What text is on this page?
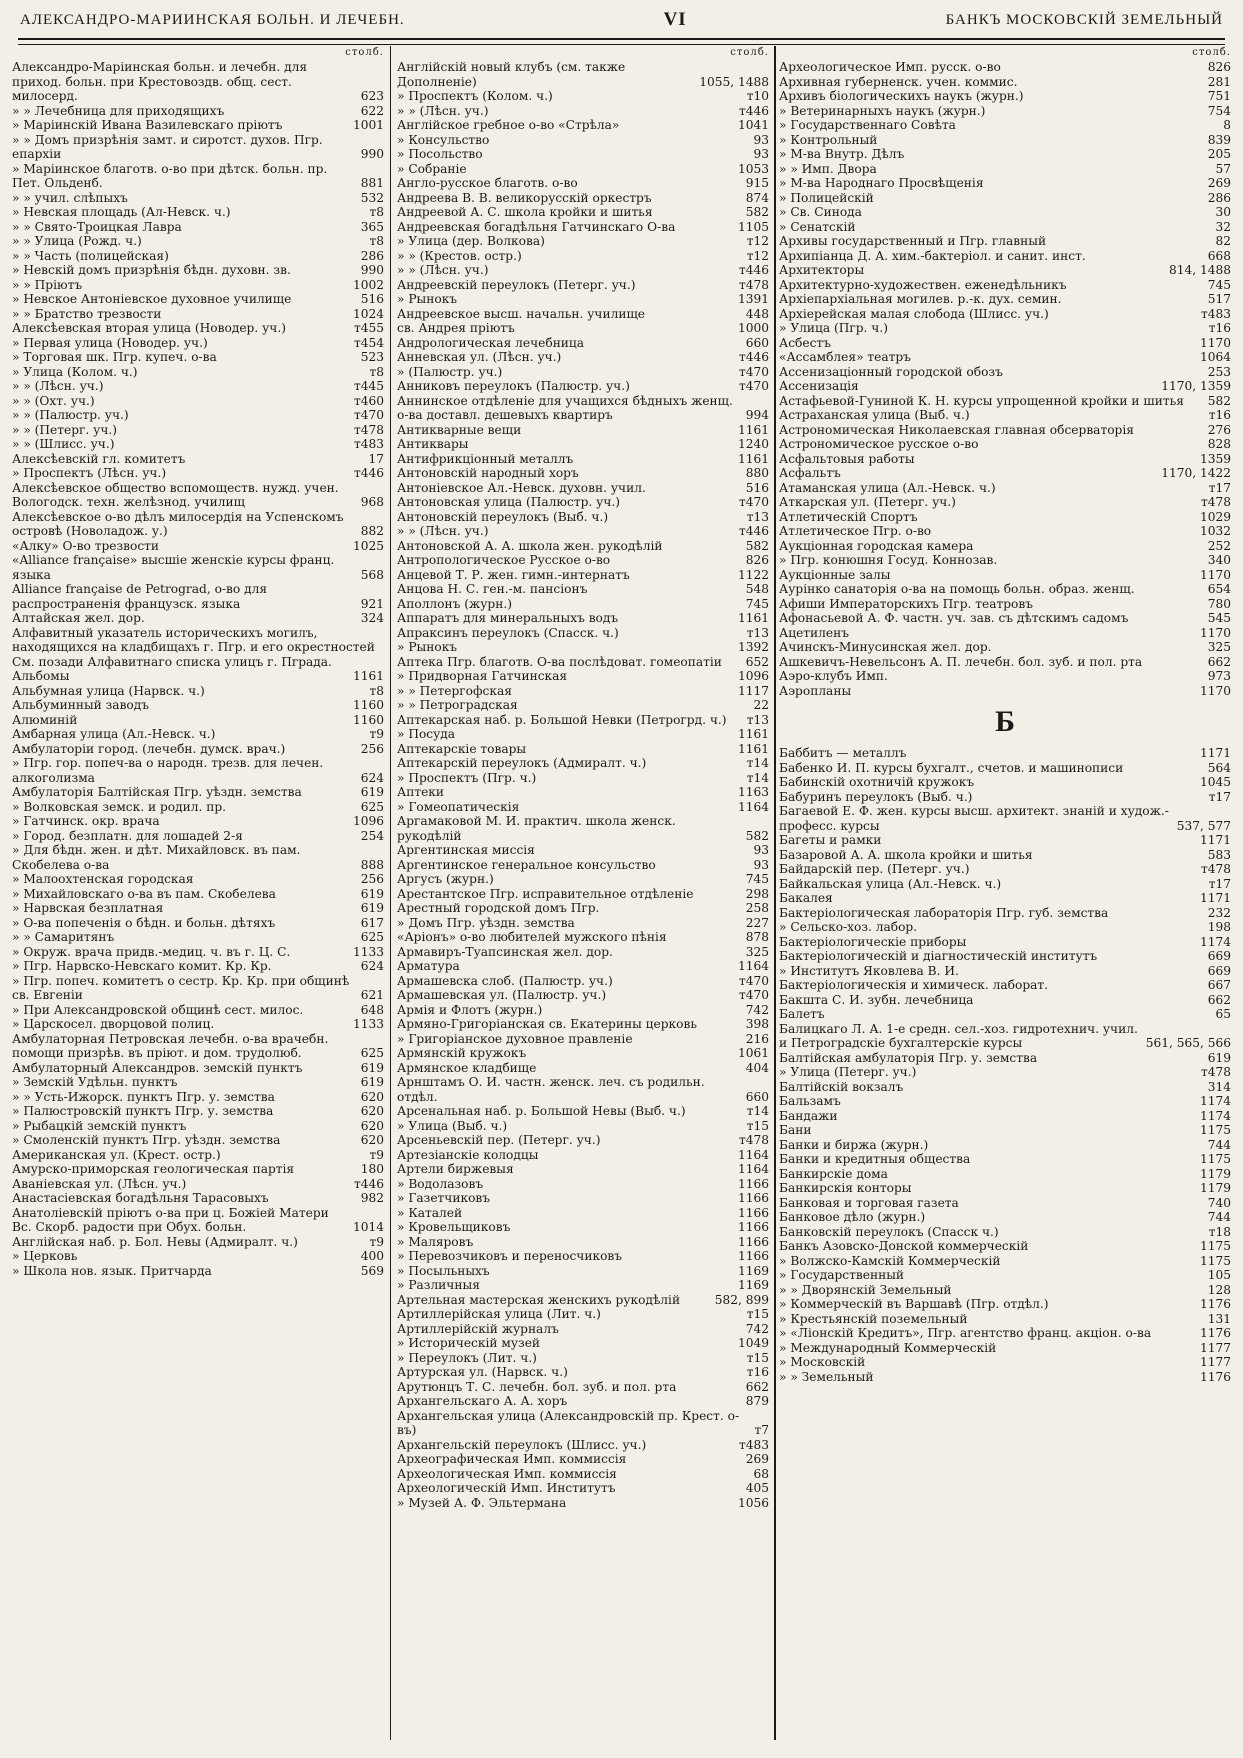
АЛЕКСАНДРО-МАРИИНСКАЯ БОЛЬН. И ЛЕЧЕБН.	VI	БАНКЪ МОСКОВСКІЙ ЗЕМЕЛЬНЫЙ
столб.
Александро-Маріинская больн. и лечебн. для приход. больн. при Крестовоздв. общ. сест. милосерд.	623
» » Лечебница для приходящихъ	622
» Маріинскій Ивана Вазилевскаго пріютъ	1001
» » Домъ призрѣнія замт. и сиротст. духов. Пгр. епархіи	990
» Маріинское благотв. о-во при дѣтск. больн. пр. Пет. Ольденб.	881
» » учил. слѣпыхъ	532
» Невская площадь (Ал-Невск. ч.)	т8
» » Свято-Троицкая Лавра	365
» » Улица (Рожд. ч.)	т8
» » Часть (полицейская)	286
» Невскій домъ призрѣнія бѣдн. духовн. зв.	990
» » Пріютъ	1002
» Невское Антоніевское духовное училище	516
» » Братство трезвости	1024
Алексѣевская вторая улица (Новодер. уч.)	т455
» Первая улица (Новодер. уч.)	т454
» Торговая шк. Пгр. купеч. о-ва	523
» Улица (Колом. ч.)	т8
» » (Лѣсн. уч.)	т445
» » (Охт. уч.)	т460
» » (Палюстр. уч.)	т470
» » (Петерг. уч.)	т478
» » (Шлисс. уч.)	т483
Алексѣевскій гл. комитетъ	17
» Проспектъ (Лѣсн. уч.)	т446
Алексѣевское общество вспомоществ. нужд. учен. Вологодск. техн. желѣзнод. училищ	968
Алексѣевское о-во дѣлъ милосердія на Успенскомъ островѣ (Новоладож. у.)	882
«Алку» О-во трезвости	1025
«Alliance française» высшіе женскіе курсы франц. языка	568
Alliance française de Petrograd, о-во для распространенія французск. языка	921
Алтайская жел. дор.	324
Алфавитный указатель историческихъ могилъ, находящихся на кладбищахъ г. Пгр. и его окрестностей См. позади Алфавитнаго списка улицъ г. Пграда.
Альбомы	1161
Альбумная улица (Нарвск. ч.)	т8
Альбуминный заводъ	1160
Алюминій	1160
Амбарная улица (Ал.-Невск. ч.)	т9
Амбулаторіи город. (лечебн. думск. врач.)	256
» Пгр. гор. попеч-ва о народн. трезв. для лечен. алкоголизма	624
Амбулаторія Балтійская Пгр. уѣздн. земства	619
» Волковская земск. и родил. пр.	625
» Гатчинск. окр. врача	1096
» Город. безплатн. для лошадей 2-я	254
» Для бѣдн. жен. и дѣт. Михайловск. въ пам. Скобелева о-ва	888
» Малоохтенская городская	256
» Михайловскаго о-ва въ пам. Скобелева	619
» Нарвская безплатная	619
» О-ва попеченія о бѣдн. и больн. дѣтяхъ	617
» » Самаритянъ	625
» Окруж. врача придв.-медиц. ч. въ г. Ц. С.	1133
» Пгр. Нарвско-Невскаго комит. Кр. Кр.	624
» Пгр. попеч. комитетъ о сестр. Кр. Кр. при общинѣ св. Евгеніи	621
» При Александровской общинѣ сест. милос.	648
» Царскосел. дворцовой полиц.	1133
Амбулаторная Петровская лечебн. о-ва врачебн. помощи призрѣв. въ пріют. и дом. трудолюб.	625
Амбулаторный Александров. земскій пунктъ	619
» Земскій Удѣльн. пунктъ	619
» » Усть-Ижорск. пунктъ Пгр. у. земства	620
» Палюстровскій пунктъ Пгр. у. земства	620
» Рыбацкій земскій пунктъ	620
» Смоленскій пунктъ Пгр. уѣздн. земства	620
Американская ул. (Крест. остр.)	т9
Амурско-приморская геологическая партія	180
Аваніевская ул. (Лѣсн. уч.)	т446
Анастасіевская богадѣльня Тарасовыхъ	982
Анатоліевскій пріютъ о-ва при ц. Божіей Матери Вс. Скорб. радости при Обух. больн.	1014
Англійская наб. р. Бол. Невы (Адмиралт. ч.)	т9
» Церковь	400
» Школа нов. язык. Притчарда	569
столб.
Англійскій новый клубъ (см. также Дополненіе)	1055, 1488
» Проспектъ (Колом. ч.)	т10
» » (Лѣсн. уч.)	т446
Англійское гребное о-во «Стрѣла»	1041
» Консульство	93
» Посольство	93
» Собраніе	1053
Англо-русское благотв. о-во	915
Андреева В. В. великорусскій оркестръ	874
Андреевой А. С. школа кройки и шитья	582
Андреевская богадѣльня Гатчинскаго О-ва	1105
» Улица (дер. Волкова)	т12
» » (Крестов. остр.)	т12
» » (Лѣсн. уч.)	т446
Андреевскій переулокъ (Петерг. уч.)	т478
» Рынокъ	1391
Андреевское высш. начальн. училище	448
св. Андрея пріютъ	1000
Андрологическая лечебница	660
Анневская ул. (Лѣсн. уч.)	т446
» (Палюстр. уч.)	т470
Анниковъ переулокъ (Палюстр. уч.)	т470
Аннинское отдѣленіе для учащихся бѣдныхъ женщ. о-ва доставл. дешевыхъ квартиръ	994
Антикварные вещи	1161
Антиквары	1240
Антифрикціонный металлъ	1161
Антоновскій народный хоръ	880
Антоніевское Ал.-Невск. духовн. учил.	516
Антоновская улица (Палюстр. уч.)	т470
Антоновскій переулокъ (Выб. ч.)	т13
» » (Лѣсн. уч.)	т446
Антоновской А. А. школа жен. рукодѣлій	582
Антропологическое Русское о-во	826
Анцевой Т. Р. жен. гимн.-интернатъ	1122
Анцова Н. С. ген.-м. пансіонъ	548
Аполлонъ (журн.)	745
Аппаратъ для минеральныхъ водъ	1161
Апраксинъ переулокъ (Спасск. ч.)	т13
» Рынокъ	1392
Аптека Пгр. благотв. О-ва послѣдоват. гомеопатіи	652
» Придворная Гатчинская	1096
» » Петергофская	1117
» » Петроградская	22
Аптекарская наб. р. Большой Невки (Петрогрд. ч.)	т13
» Посуда	1161
Аптекарскіе товары	1161
Аптекарскій переулокъ (Адмиралт. ч.)	т14
» Проспектъ (Пгр. ч.)	т14
Аптеки	1163
» Гомеопатическія	1164
Аргамаковой М. И. практич. школа женск. рукодѣлій	582
Аргентинская миссія	93
Аргентинское генеральное консульство	93
Аргусъ (журн.)	745
Арестантское Пгр. исправительное отдѣленіе	298
Арестный городской домъ Пгр.	258
» Домъ Пгр. уѣздн. земства	227
«Аріонъ» о-во любителей мужского пѣнія	878
Армавиръ-Туапсинская жел. дор.	325
Арматура	1164
Армашевска слоб. (Палюстр. уч.)	т470
Армашевская ул. (Палюстр. уч.)	т470
Армія и Флотъ (журн.)	742
Армяно-Григоріанская св. Екатерины церковь	398
» Григоріанское духовное правленіе	216
Армянскій кружокъ	1061
Армянское кладбище	404
Арнштамъ О. И. частн. женск. леч. съ родильн. отдѣл.	660
Арсенальная наб. р. Большой Невы (Выб. ч.)	т14
» Улица (Выб. ч.)	т15
Арсеньевскій пер. (Петерг. уч.)	т478
Артезіанскіе колодцы	1164
Артели биржевыя	1164
» Водолазовъ	1166
» Газетчиковъ	1166
» Каталей	1166
» Кровельщиковъ	1166
» Маляровъ	1166
» Перевозчиковъ и переносчиковъ	1166
» Посыльныхъ	1169
» Различныя	1169
Артельная мастерская женскихъ рукодѣлій	582, 899
Артиллерійская улица (Лит. ч.)	т15
Артиллерійскій журналъ	742
» Историческій музей	1049
» Переулокъ (Лит. ч.)	т15
Артурская ул. (Нарвск. ч.)	т16
Арутюнцъ Т. С. лечебн. бол. зуб. и пол. ртa	662
Архангельскаго А. А. хоръ	879
Архангельская улица (Александровскій пр. Крест. о-въ)	т7
Архангельскій переулокъ (Шлисс. уч.)	т483
Археографическая Имп. коммиссія	269
Археологическая Имп. коммиссія	68
Археологическій Имп. Институтъ	405
» Музей А. Ф. Эльтермана	1056
столб.
Археологическое Имп. русск. о-во	826
Архивная губерненск. учен. коммис.	281
Архивъ біологическихъ наукъ (журн.)	751
» Ветеринарныхъ наукъ (журн.)	754
» Государственнаго Совѣта	8
» Контрольный	839
» М-ва Внутр. Дѣлъ	205
» » Имп. Двора	57
» М-ва Народнаго Просвѣщенія	269
» Полицейскій	286
» Св. Синода	30
» Сенатскій	32
Архивы государственный и Пгр. главный	82
Архипіанца Д. А. хим.-бактеріол. и санит. инст.	668
Архитекторы	814, 1488
Архитектурно-художествен. еженедѣльникъ	745
Архіепархіальная могилев. р.-к. дух. семин.	517
Архіерейская малая слобода (Шлисс. уч.)	т483
» Улица (Пгр. ч.)	т16
Асбестъ	1170
«Ассамблея» театръ	1064
Ассенизаціонный городской обозъ	253
Ассенизація	1170, 1359
Астафьевой-Гуниной К. Н. курсы упрощенной кройки и шитья	582
Астраханская улица (Выб. ч.)	т16
Астрономическая Николаевская главная обсерваторія	276
Астрономическое русское о-во	828
Асфальтовыя работы	1359
Асфальтъ	1170, 1422
Атаманская улица (Ал.-Невск. ч.)	т17
Аткарская ул. (Петерг. уч.)	т478
Атлетическій Спортъ	1029
Атлетическое Пгр. о-во	1032
Аукціонная городская камера	252
» Пгр. конюшня Госуд. Коннозав.	340
Аукціонные залы	1170
Аурінко санаторія о-ва на помощь больн. образ. женщ.	654
Афиши Императорскихъ Пгр. театровъ	780
Афонасьевой А. Ф. частн. уч. зав. съ дѣтскимъ садомъ	545
Ацетиленъ	1170
Ачинскъ-Минусинская жел. дор.	325
Ашкевичъ-Невельсонъ А. П. лечебн. бол. зуб. и пол. рта	662
Аэро-клубъ Имп.	973
Аэропланы	1170
Б
Баббитъ — металлъ	1171
Бабенко И. П. курсы бухгалт., счетов. и машинописи	564
Бабинскій охотничій кружокъ	1045
Бабуринъ переулокъ (Выб. ч.)	т17
Багаевой Е. Ф. жен. курсы высш. архитект. знаній и худож.-професс. курсы	537, 577
Багеты и рамки	1171
Базаровой А. А. школа кройки и шитья	583
Байдарскій пер. (Петерг. уч.)	т478
Байкальская улица (Ал.-Невск. ч.)	т17
Бакалея	1171
Бактеріологическая лабораторія Пгр. губ. земства	232
» Сельско-хоз. лабор.	198
Бактеріологическіе приборы	1174
Бактеріологическій и діагностическій институтъ	669
» Институтъ Яковлева В. И.	669
Бактеріологическія и химическ. лаборат.	667
Бакшта С. И. зубн. лечебница	662
Балетъ	65
Балицкаго Л. А. 1-е средн. сел.-хоз. гидротехнич. учил. и Петроградскіе бухгалтерскіе курсы	561, 565, 566
Балтійская амбулаторія Пгр. у. земства	619
» Улица (Петерг. уч.)	т478
Балтійскій вокзалъ	314
Бальзамъ	1174
Бандажи	1174
Бани	1175
Банки и биржа (журн.)	744
Банки и кредитныя общества	1175
Банкирскіе дома	1179
Банкирскія конторы	1179
Банковая и торговая газета	740
Банковое дѣло (журн.)	744
Банковскій переулокъ (Спасск ч.)	т18
Банкъ Азовско-Донской коммерческій	1175
» Волжско-Камскій Коммерческій	1175
» Государственный	105
» » Дворянскій Земельный	128
» Коммерческій въ Варшавѣ (Пгр. отдѣл.)	1176
» Крестьянскій поземельный	131
» «Ліонскій Кредитъ», Пгр. агентство франц. акціон. о-ва	1176
» Международный Коммерческій	1177
» Московскій	1177
» » Земельный	1176
